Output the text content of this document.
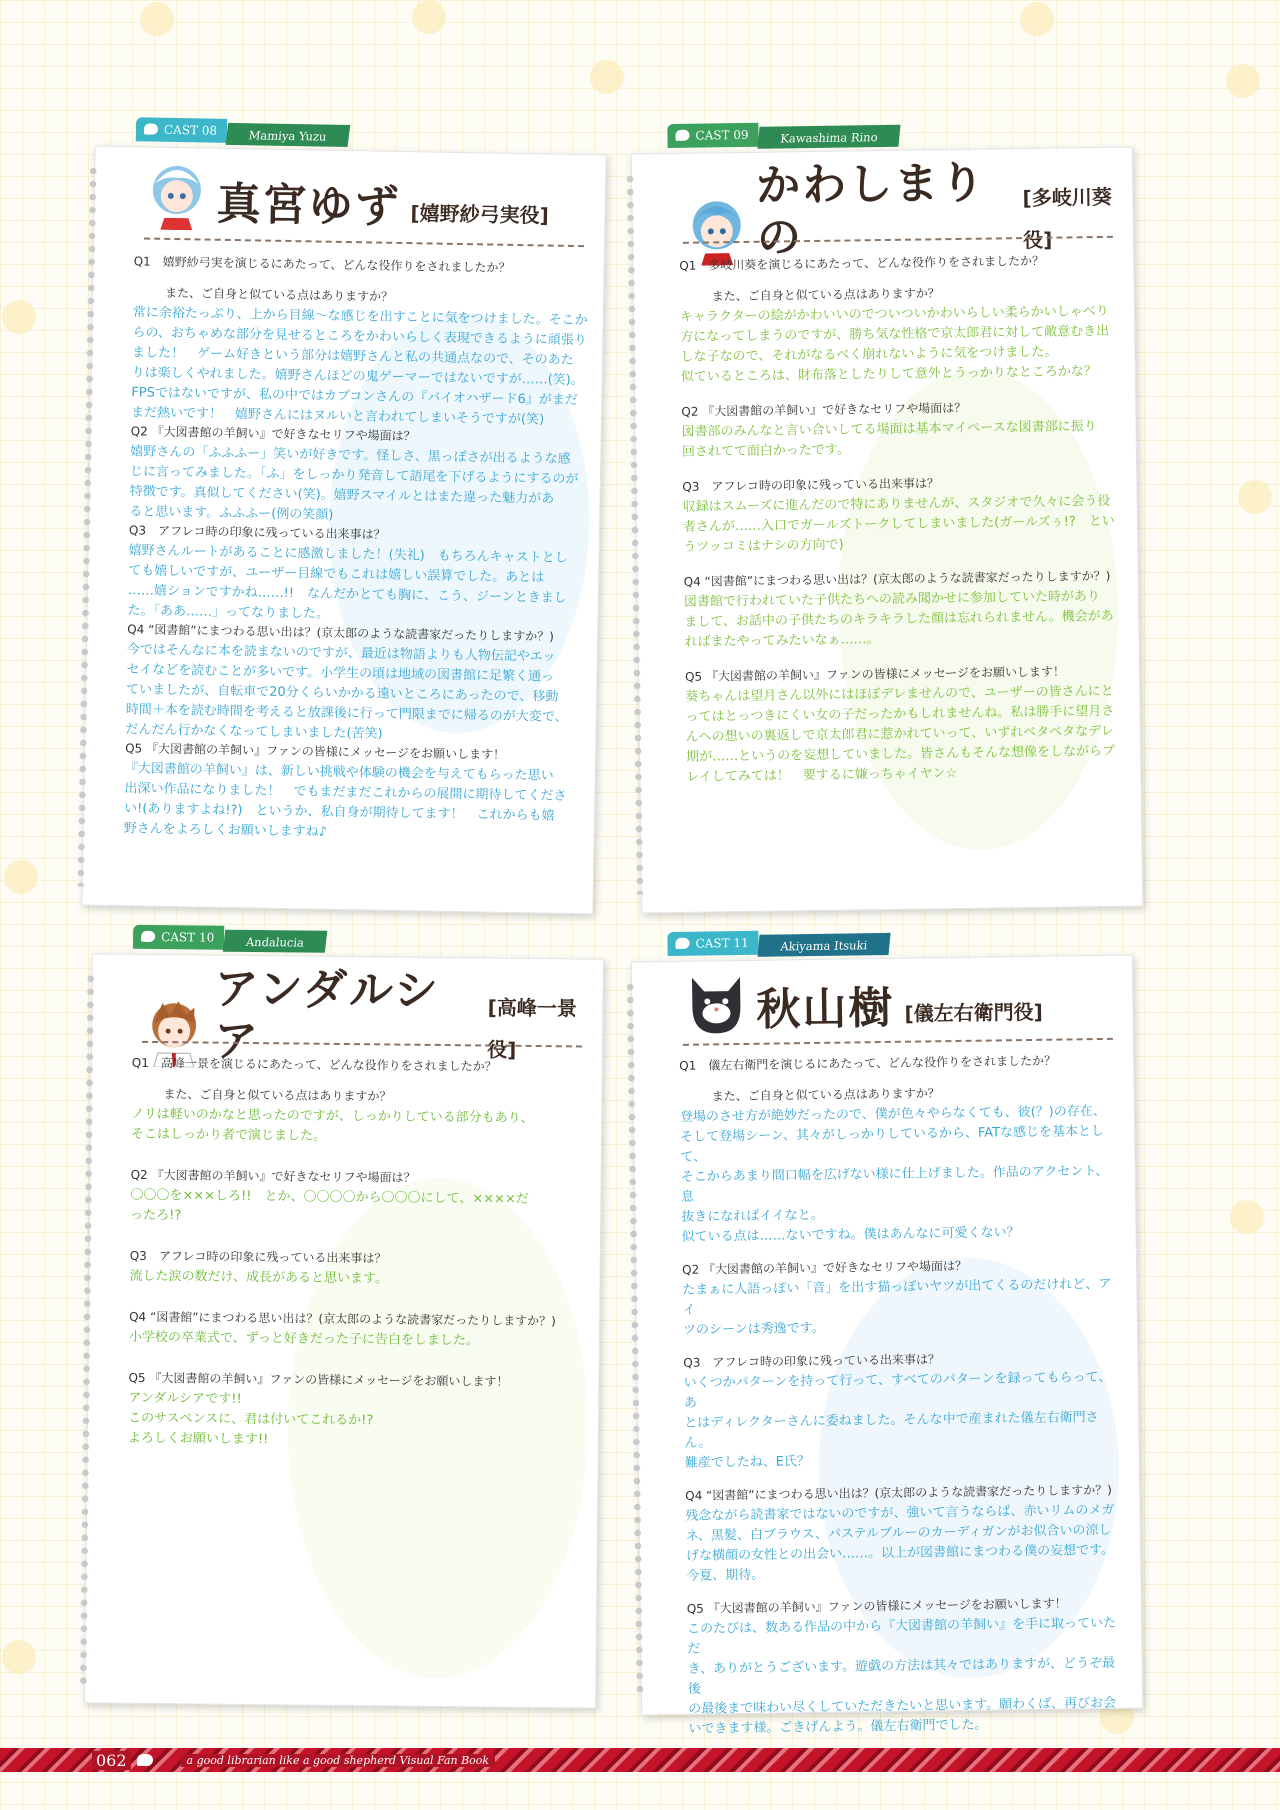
CAST 08	Mamiya Yuzu
真宮ゆず [嬉野紗弓実役]
Q1　嬉野紗弓実を演じるにあたって、どんな役作りをされましたか？
また、ご自身と似ている点はありますか？
常に余裕たっぷり、上から目線〜な感じを出すことに気をつけました。そこか
らの、おちゃめな部分を見せるところをかわいらしく表現できるように頑張り
ました！　ゲーム好きという部分は嬉野さんと私の共通点なので、そのあた
りは楽しくやれました。嬉野さんほどの鬼ゲーマーではないですが……(笑)。
FPSではないですが、私の中ではカプコンさんの『バイオハザード6』がまだ
まだ熱いです！　嬉野さんにはヌルいと言われてしまいそうですが(笑)
Q2 『大図書館の羊飼い』で好きなセリフや場面は？
嬉野さんの「ふふふー」笑いが好きです。怪しさ、黒っぽさが出るような感
じに言ってみました。「ふ」をしっかり発音して語尾を下げるようにするのが
特徴です。真似してください(笑)。嬉野スマイルとはまた違った魅力があ
ると思います。ふふふー(例の笑顔)
Q3　アフレコ時の印象に残っている出来事は？
嬉野さんルートがあることに感激しました！(失礼)　もちろんキャストとし
ても嬉しいですが、ユーザー目線でもこれは嬉しい誤算でした。あとは
……嬉ションですかね……!!　なんだかとても胸に、こう、ジーンときまし
た。「ああ……」ってなりました。
Q4 “図書館”にまつわる思い出は？(京太郎のような読書家だったりしますか？)
今ではそんなに本を読まないのですが、最近は物語よりも人物伝記やエッ
セイなどを読むことが多いです。小学生の頃は地域の図書館に足繁く通っ
ていましたが、自転車で20分くらいかかる遠いところにあったので、移動
時間＋本を読む時間を考えると放課後に行って門限までに帰るのが大変で、
だんだん行かなくなってしまいました(苦笑)
Q5 『大図書館の羊飼い』ファンの皆様にメッセージをお願いします！
『大図書館の羊飼い』は、新しい挑戦や体験の機会を与えてもらった思い
出深い作品になりました！　でもまだまだこれからの展開に期待してくださ
い!(ありますよね!?)　というか、私自身が期待してます！　これからも嬉
野さんをよろしくお願いしますね♪
CAST 09	Kawashima Rino
かわしまりの
[多岐川葵役]
Q1　多岐川葵を演じるにあたって、どんな役作りをされましたか？
また、ご自身と似ている点はありますか？
キャラクターの絵がかわいいのでついついかわいらしい柔らかいしゃべり
方になってしまうのですが、勝ち気な性格で京太郎君に対して敵意むき出
しな子なので、それがなるべく崩れないように気をつけました。
似ているところは、財布落としたりして意外とうっかりなところかな？
Q2 『大図書館の羊飼い』で好きなセリフや場面は？
図書部のみんなと言い合いしてる場面は基本マイペースな図書部に振り
回されてて面白かったです。
Q3　アフレコ時の印象に残っている出来事は？
収録はスムーズに進んだので特にありませんが、スタジオで久々に会う役
者さんが……入口でガールズトークしてしまいました(ガールズぅ!?　とい
うツッコミはナシの方向で)
Q4 “図書館”にまつわる思い出は？(京太郎のような読書家だったりしますか？)
図書館で行われていた子供たちへの読み聞かせに参加していた時があり
まして、お話中の子供たちのキラキラした顔は忘れられません。機会があ
ればまたやってみたいなぁ……。
Q5 『大図書館の羊飼い』ファンの皆様にメッセージをお願いします！
葵ちゃんは望月さん以外にはほぼデレませんので、ユーザーの皆さんにと
ってはとっつきにくい女の子だったかもしれませんね。私は勝手に望月さ
んへの想いの裏返しで京太郎君に惹かれていって、いずれベタベタなデレ
期が……というのを妄想していました。皆さんもそんな想像をしながらプ
レイしてみては！　要するに嫌っちゃイヤン☆
CAST 10	Andalucia
アンダルシア
[高峰一景役]
Q1　高峰一景を演じるにあたって、どんな役作りをされましたか？
また、ご自身と似ている点はありますか？
ノリは軽いのかなと思ったのですが、しっかりしている部分もあり、
そこはしっかり者で演じました。
Q2 『大図書館の羊飼い』で好きなセリフや場面は？
〇〇〇を×××しろ!!　とか、〇〇〇〇から〇〇〇にして、××××だ
ったろ!?
Q3　アフレコ時の印象に残っている出来事は？
流した涙の数だけ、成長があると思います。
Q4 “図書館”にまつわる思い出は？(京太郎のような読書家だったりしますか？)
小学校の卒業式で、ずっと好きだった子に告白をしました。
Q5 『大図書館の羊飼い』ファンの皆様にメッセージをお願いします！
アンダルシアです!!
このサスペンスに、君は付いてこれるか!?
よろしくお願いします!!
CAST 11	Akiyama Itsuki
秋山樹 [儀左右衛門役]
Q1　儀左右衛門を演じるにあたって、どんな役作りをされましたか？
また、ご自身と似ている点はありますか？
登場のさせ方が絶妙だったので、僕が色々やらなくても、彼(？)の存在、
そして登場シーン、其々がしっかりしているから、FATな感じを基本として、
そこからあまり間口幅を広げない様に仕上げました。作品のアクセント、息
抜きになればイイなと。
似ている点は……ないですね。僕はあんなに可愛くない？
Q2 『大図書館の羊飼い』で好きなセリフや場面は？
たまぁに人語っぽい「音」を出す猫っぽいヤツが出てくるのだけれど、アイ
ツのシーンは秀逸です。
Q3　アフレコ時の印象に残っている出来事は？
いくつかパターンを持って行って、すべてのパターンを録ってもらって、あ
とはディレクターさんに委ねました。そんな中で産まれた儀左右衛門さん。
難産でしたね、E氏？
Q4 “図書館”にまつわる思い出は？(京太郎のような読書家だったりしますか？)
残念ながら読書家ではないのですが、強いて言うならば、赤いリムのメガ
ネ、黒髪、白ブラウス、パステルブルーのカーディガンがお似合いの涼し
げな横顔の女性との出会い……。以上が図書館にまつわる僕の妄想です。
今夏、期待。
Q5 『大図書館の羊飼い』ファンの皆様にメッセージをお願いします！
このたびは、数ある作品の中から『大図書館の羊飼い』を手に取っていただ
き、ありがとうございます。遊戯の方法は其々ではありますが、どうぞ最後
の最後まで味わい尽くしていただきたいと思います。願わくば、再びお会
いできます様。ごきげんよう。儀左右衛門でした。
062	a good librarian like a good shepherd Visual Fan Book
